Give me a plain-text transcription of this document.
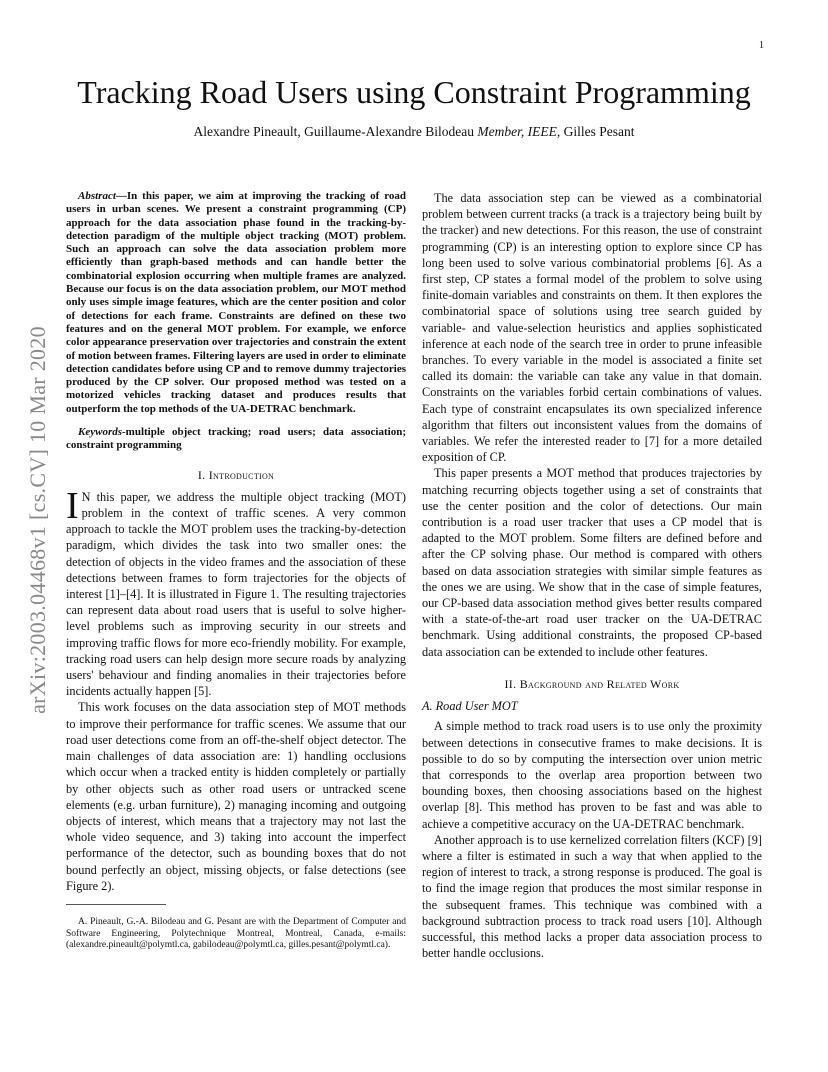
1
arXiv:2003.04468v1 [cs.CV] 10 Mar 2020
Tracking Road Users using Constraint Programming
Alexandre Pineault, Guillaume-Alexandre Bilodeau Member, IEEE, Gilles Pesant

Abstract—In this paper, we aim at improving the tracking of road users in urban scenes. We present a constraint programming (CP) approach for the data association phase found in the tracking-by-detection paradigm of the multiple object tracking (MOT) problem. Such an approach can solve the data association problem more efficiently than graph-based methods and can handle better the combinatorial explosion occurring when multiple frames are analyzed. Because our focus is on the data association problem, our MOT method only uses simple image features, which are the center position and color of detections for each frame. Constraints are defined on these two features and on the general MOT problem. For example, we enforce color appearance preservation over trajectories and constrain the extent of motion between frames. Filtering layers are used in order to eliminate detection candidates before using CP and to remove dummy trajectories produced by the CP solver. Our proposed method was tested on a motorized vehicles tracking dataset and produces results that outperform the top methods of the UA-DETRAC benchmark.

Keywords-multiple object tracking; road users; data association; constraint programming

I. Introduction

I N this paper, we address the multiple object tracking (MOT) problem in the context of traffic scenes. A very common approach to tackle the MOT problem uses the tracking-by-detection paradigm, which divides the task into two smaller ones: the detection of objects in the video frames and the association of these detections between frames to form trajectories for the objects of interest [1]–[4]. It is illustrated in Figure 1. The resulting trajectories can represent data about road users that is useful to solve higher-level problems such as improving security in our streets and improving traffic flows for more eco-friendly mobility. For example, tracking road users can help design more secure roads by analyzing users' behaviour and finding anomalies in their trajectories before incidents actually happen [5].

This work focuses on the data association step of MOT methods to improve their performance for traffic scenes. We assume that our road user detections come from an off-the-shelf object detector. The main challenges of data association are: 1) handling occlusions which occur when a tracked entity is hidden completely or partially by other objects such as other road users or untracked scene elements (e.g. urban furniture), 2) managing incoming and outgoing objects of interest, which means that a trajectory may not last the whole video sequence, and 3) taking into account the imperfect performance of the detector, such as bounding boxes that do not bound perfectly an object, missing objects, or false detections (see Figure 2).

A. Pineault, G.-A. Bilodeau and G. Pesant are with the Department of Computer and Software Engineering, Polytechnique Montreal, Montreal, Canada, e-mails: (alexandre.pineault@polymtl.ca, gabilodeau@polymtl.ca, gilles.pesant@polymtl.ca).

The data association step can be viewed as a combinatorial problem between current tracks (a track is a trajectory being built by the tracker) and new detections. For this reason, the use of constraint programming (CP) is an interesting option to explore since CP has long been used to solve various combinatorial problems [6]. As a first step, CP states a formal model of the problem to solve using finite-domain variables and constraints on them. It then explores the combinatorial space of solutions using tree search guided by variable- and value-selection heuristics and applies sophisticated inference at each node of the search tree in order to prune infeasible branches. To every variable in the model is associated a finite set called its domain: the variable can take any value in that domain. Constraints on the variables forbid certain combinations of values. Each type of constraint encapsulates its own specialized inference algorithm that filters out inconsistent values from the domains of variables. We refer the interested reader to [7] for a more detailed exposition of CP.

This paper presents a MOT method that produces trajectories by matching recurring objects together using a set of constraints that use the center position and the color of detections. Our main contribution is a road user tracker that uses a CP model that is adapted to the MOT problem. Some filters are defined before and after the CP solving phase. Our method is compared with others based on data association strategies with similar simple features as the ones we are using. We show that in the case of simple features, our CP-based data association method gives better results compared with a state-of-the-art road user tracker on the UA-DETRAC benchmark. Using additional constraints, the proposed CP-based data association can be extended to include other features.

II. Background and Related Work
A. Road User MOT

A simple method to track road users is to use only the proximity between detections in consecutive frames to make decisions. It is possible to do so by computing the intersection over union metric that corresponds to the overlap area proportion between two bounding boxes, then choosing associations based on the highest overlap [8]. This method has proven to be fast and was able to achieve a competitive accuracy on the UA-DETRAC benchmark.

Another approach is to use kernelized correlation filters (KCF) [9] where a filter is estimated in such a way that when applied to the region of interest to track, a strong response is produced. The goal is to find the image region that produces the most similar response in the subsequent frames. This technique was combined with a background subtraction process to track road users [10]. Although successful, this method lacks a proper data association process to better handle occlusions.
